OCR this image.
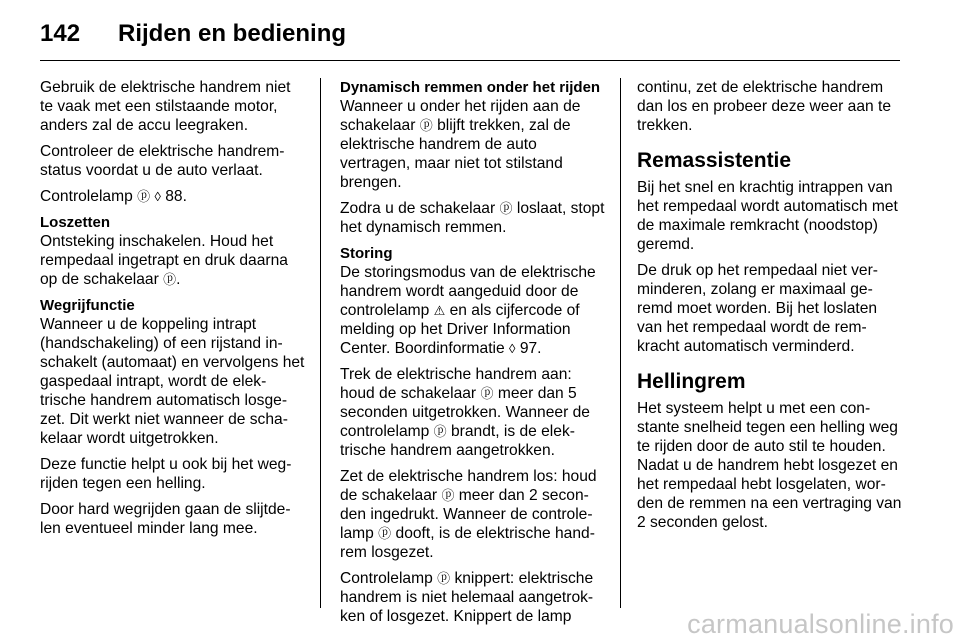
142	Rijden en bediening

Gebruik de elektrische handrem niet te vaak met een stilstaande motor, anders zal de accu leegraken.

Controleer de elektrische handremstatus voordat u de auto verlaat.

Controlelamp ⓟ ◊ 88.

Loszetten
Ontsteking inschakelen. Houd het rempedaal ingetrapt en druk daarna op de schakelaar ⓟ.

Wegrijfunctie
Wanneer u de koppeling intrapt (handschakeling) of een rijstand inschakelt (automaat) en vervolgens het gaspedaal intrapt, wordt de elektrische handrem automatisch losgezet. Dit werkt niet wanneer de schakelaar wordt uitgetrokken.

Deze functie helpt u ook bij het wegrijden tegen een helling.

Door hard wegrijden gaan de slijtdelen eventueel minder lang mee.

Dynamisch remmen onder het rijden
Wanneer u onder het rijden aan de schakelaar ⓟ blijft trekken, zal de elektrische handrem de auto vertragen, maar niet tot stilstand brengen.

Zodra u de schakelaar ⓟ loslaat, stopt het dynamisch remmen.

Storing
De storingsmodus van de elektrische handrem wordt aangeduid door de controlelamp ⚠ en als cijfercode of melding op het Driver Information Center. Boordinformatie ◊ 97.

Trek de elektrische handrem aan: houd de schakelaar ⓟ meer dan 5 seconden uitgetrokken. Wanneer de controlelamp ⓟ brandt, is de elektrische handrem aangetrokken.

Zet de elektrische handrem los: houd de schakelaar ⓟ meer dan 2 seconden ingedrukt. Wanneer de controlelamp ⓟ dooft, is de elektrische handrem losgezet.

Controlelamp ⓟ knippert: elektrische handrem is niet helemaal aangetrokken of losgezet. Knippert de lamp

continu, zet de elektrische handrem dan los en probeer deze weer aan te trekken.

Remassistentie

Bij het snel en krachtig intrappen van het rempedaal wordt automatisch met de maximale remkracht (noodstop) geremd.

De druk op het rempedaal niet verminderen, zolang er maximaal geremd moet worden. Bij het loslaten van het rempedaal wordt de remkracht automatisch verminderd.

Hellingrem

Het systeem helpt u met een constante snelheid tegen een helling weg te rijden door de auto stil te houden. Nadat u de handrem hebt losgezet en het rempedaal hebt losgelaten, worden de remmen na een vertraging van 2 seconden gelost.

carmanualsonline.info
